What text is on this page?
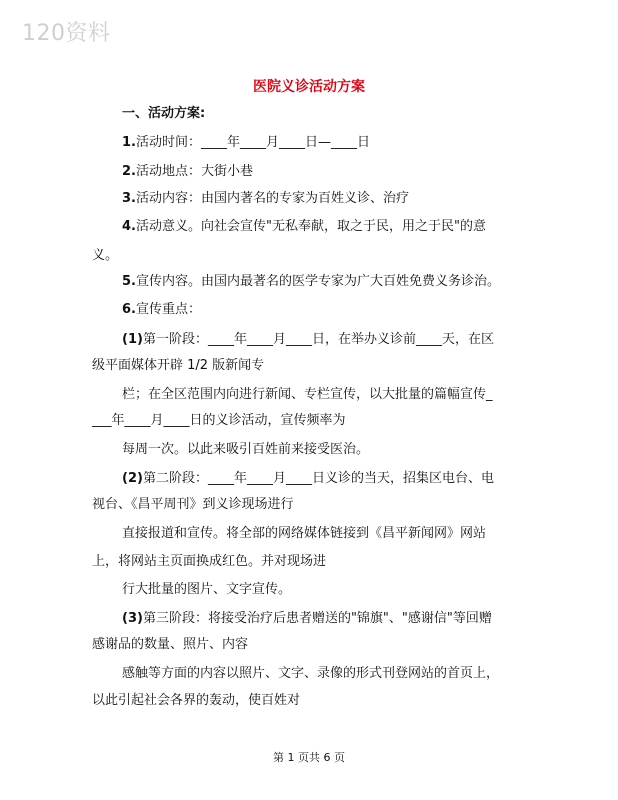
120资料
医院义诊活动方案
一、活动方案:
1.活动时间：____年____月____日—____日
2.活动地点：大街小巷
3.活动内容：由国内著名的专家为百姓义诊、治疗
4.活动意义。向社会宣传"无私奉献，取之于民，用之于民"的意
义。
5.宣传内容。由国内最著名的医学专家为广大百姓免费义务诊治。
6.宣传重点：
(1)第一阶段：____年____月____日，在举办义诊前____天，在区
级平面媒体开辟 1/2 版新闻专
栏；在全区范围内向进行新闻、专栏宣传，以大批量的篇幅宣传_
___年____月____日的义诊活动，宣传频率为
每周一次。以此来吸引百姓前来接受医治。
(2)第二阶段：____年____月____日义诊的当天，招集区电台、电
视台、《昌平周刊》到义诊现场进行
直接报道和宣传。将全部的网络媒体链接到《昌平新闻网》网站
上，将网站主页面换成红色。并对现场进
行大批量的图片、文字宣传。
(3)第三阶段：将接受治疗后患者赠送的"锦旗"、"感谢信"等回赠
感谢品的数量、照片、内容
感触等方面的内容以照片、文字、录像的形式刊登网站的首页上，
以此引起社会各界的轰动，使百姓对
第 1 页共 6 页
